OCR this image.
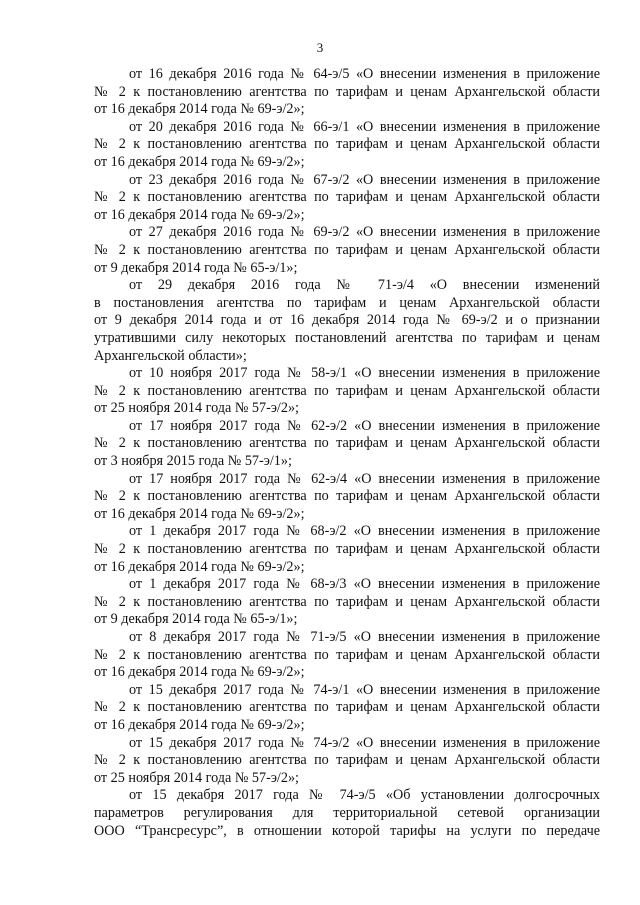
3
от 16 декабря 2016 года № 64-э/5 «О внесении изменения в приложение
№ 2 к постановлению агентства по тарифам и ценам Архангельской области
от 16 декабря 2014 года № 69-э/2»;
от 20 декабря 2016 года № 66-э/1 «О внесении изменения в приложение
№ 2 к постановлению агентства по тарифам и ценам Архангельской области
от 16 декабря 2014 года № 69-э/2»;
от 23 декабря 2016 года № 67-э/2 «О внесении изменения в приложение
№ 2 к постановлению агентства по тарифам и ценам Архангельской области
от 16 декабря 2014 года № 69-э/2»;
от 27 декабря 2016 года № 69-э/2 «О внесении изменения в приложение
№ 2 к постановлению агентства по тарифам и ценам Архангельской области
от 9 декабря 2014 года № 65-э/1»;
от 29 декабря 2016 года № 71-э/4 «О внесении изменений
в постановления агентства по тарифам и ценам Архангельской области
от 9 декабря 2014 года и от 16 декабря 2014 года № 69-э/2 и о признании
утратившими силу некоторых постановлений агентства по тарифам и ценам
Архангельской области»;
от 10 ноября 2017 года № 58-э/1 «О внесении изменения в приложение
№ 2 к постановлению агентства по тарифам и ценам Архангельской области
от 25 ноября 2014 года № 57-э/2»;
от 17 ноября 2017 года № 62-э/2 «О внесении изменения в приложение
№ 2 к постановлению агентства по тарифам и ценам Архангельской области
от 3 ноября 2015 года № 57-э/1»;
от 17 ноября 2017 года № 62-э/4 «О внесении изменения в приложение
№ 2 к постановлению агентства по тарифам и ценам Архангельской области
от 16 декабря 2014 года № 69-э/2»;
от 1 декабря 2017 года № 68-э/2 «О внесении изменения в приложение
№ 2 к постановлению агентства по тарифам и ценам Архангельской области
от 16 декабря 2014 года № 69-э/2»;
от 1 декабря 2017 года № 68-э/3 «О внесении изменения в приложение
№ 2 к постановлению агентства по тарифам и ценам Архангельской области
от 9 декабря 2014 года № 65-э/1»;
от 8 декабря 2017 года № 71-э/5 «О внесении изменения в приложение
№ 2 к постановлению агентства по тарифам и ценам Архангельской области
от 16 декабря 2014 года № 69-э/2»;
от 15 декабря 2017 года № 74-э/1 «О внесении изменения в приложение
№ 2 к постановлению агентства по тарифам и ценам Архангельской области
от 16 декабря 2014 года № 69-э/2»;
от 15 декабря 2017 года № 74-э/2 «О внесении изменения в приложение
№ 2 к постановлению агентства по тарифам и ценам Архангельской области
от 25 ноября 2014 года № 57-э/2»;
от 15 декабря 2017 года № 74-э/5 «Об установлении долгосрочных
параметров регулирования для территориальной сетевой организации
ООО “Трансресурс”, в отношении которой тарифы на услуги по передаче
